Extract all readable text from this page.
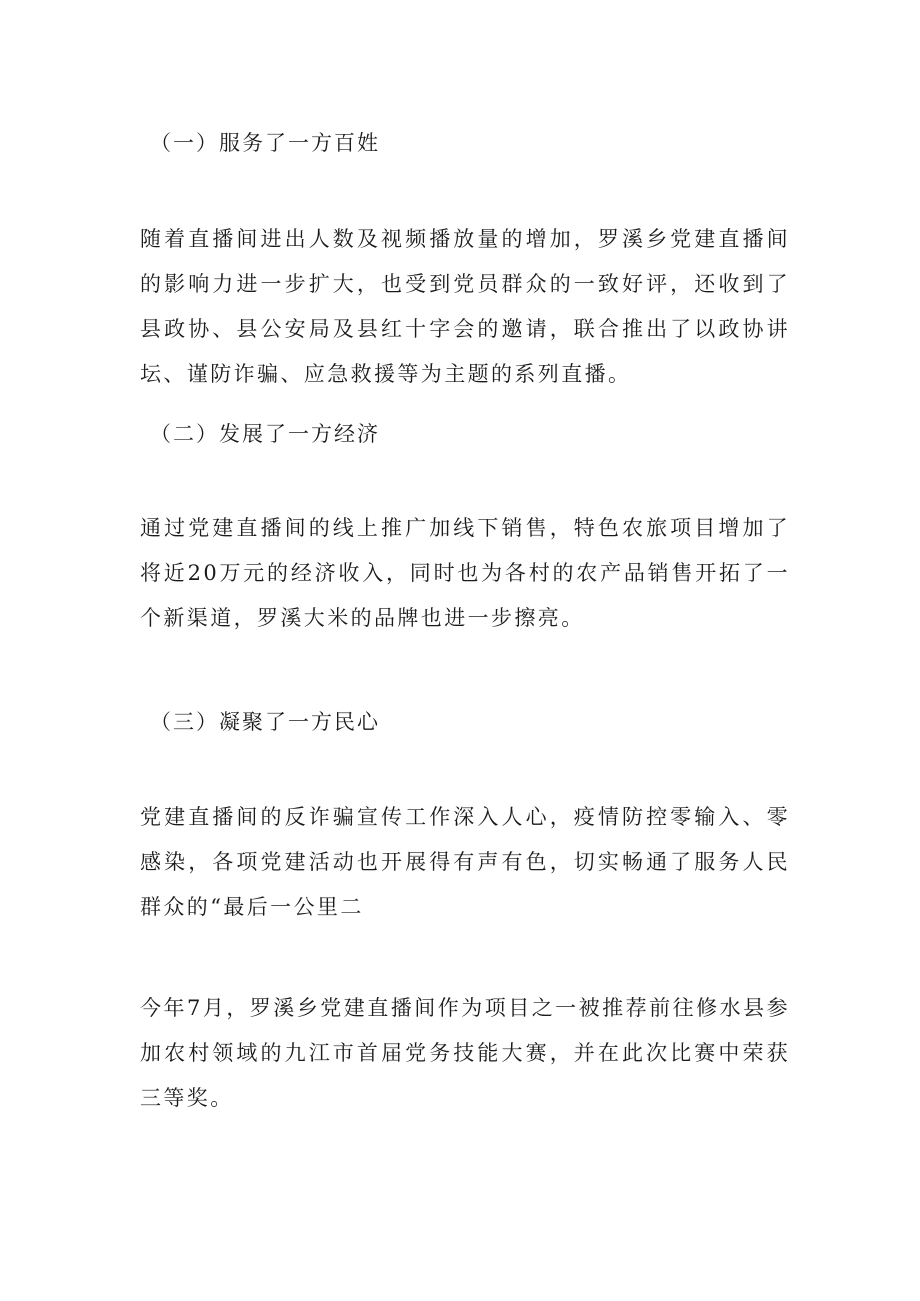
（一）服务了一方百姓
随着直播间进出人数及视频播放量的增加，罗溪乡党建直播间的影响力进一步扩大，也受到党员群众的一致好评，还收到了县政协、县公安局及县红十字会的邀请，联合推出了以政协讲坛、谨防诈骗、应急救援等为主题的系列直播。
（二）发展了一方经济
通过党建直播间的线上推广加线下销售，特色农旅项目增加了将近20万元的经济收入，同时也为各村的农产品销售开拓了一个新渠道，罗溪大米的品牌也进一步擦亮。
（三）凝聚了一方民心
党建直播间的反诈骗宣传工作深入人心，疫情防控零输入、零感染，各项党建活动也开展得有声有色，切实畅通了服务人民群众的“最后一公里二
今年7月，罗溪乡党建直播间作为项目之一被推荐前往修水县参加农村领域的九江市首届党务技能大赛，并在此次比赛中荣获三等奖。
